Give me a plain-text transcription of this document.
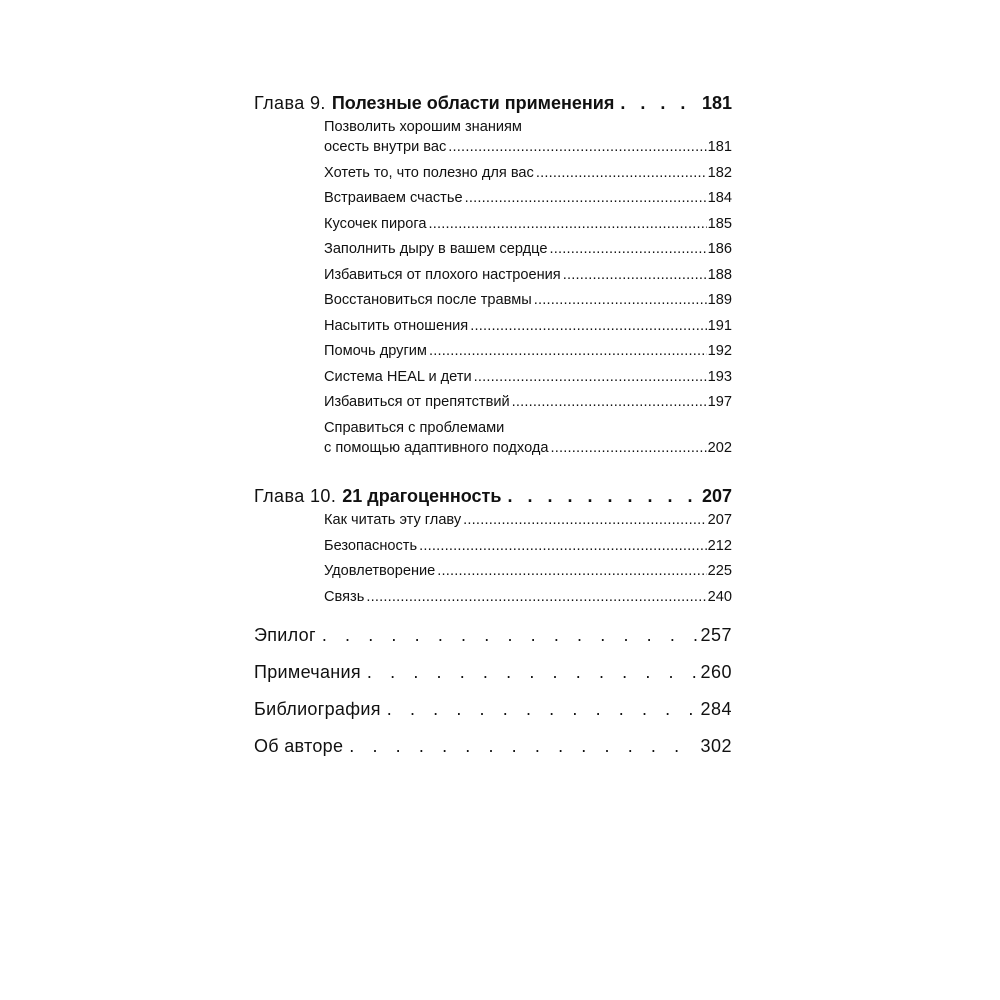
Глава 9. Полезные области применения . . .	181
Позволить хорошим знаниям
осесть внутри вас .....	181
Хотеть то, что полезно для вас .....	182
Встраиваем счастье .....	184
Кусочек пирога .....	185
Заполнить дыру в вашем сердце .....	186
Избавиться от плохого настроения .....	188
Восстановиться после травмы .....	189
Насытить отношения .....	191
Помочь другим .....	192
Система HEAL и дети .....	193
Избавиться от препятствий .....	197
Справиться с проблемами
с помощью адаптивного подхода .....	202
Глава 10. 21 драгоценность . . .	207
Как читать эту главу .....	207
Безопасность .....	212
Удовлетворение .....	225
Связь .....	240
Эпилог . . .	257
Примечания . . .	260
Библиография . . .	284
Об авторе . . .	302
